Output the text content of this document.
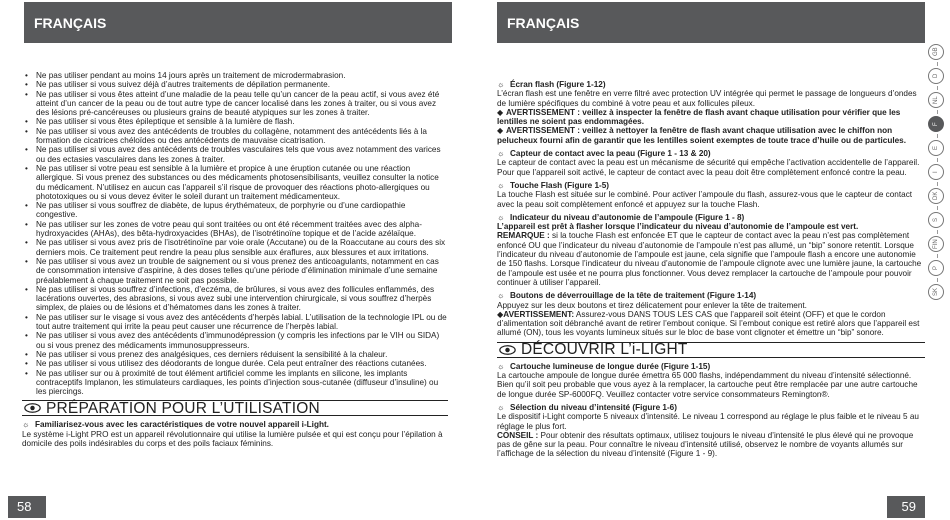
FRANÇAIS
• Ne pas utiliser pendant au moins 14 jours après un traitement de microdermabrasion.
• Ne pas utiliser si vous suivez déjà d’autres traitements de dépilation permanente.
• Ne pas utiliser si vous êtes atteint d’une maladie de la peau telle qu’un cancer de la peau actif, si vous avez été atteint d’un cancer de la peau ou de tout autre type de cancer localisé dans les zones à traiter, ou si vous avez des lésions pré-cancéreuses ou plusieurs grains de beauté atypiques sur les zones à traiter.
• Ne pas utiliser si vous êtes épileptique et sensible à la lumière de flash.
• Ne pas utiliser si vous avez des antécédents de troubles du collagène, notamment des antécédents liés à la formation de cicatrices chéloïdes ou des antécédents de mauvaise cicatrisation.
• Ne pas utiliser si vous avez des antécédents de troubles vasculaires tels que vous avez notamment des varices ou des ectasies vasculaires dans les zones à traiter.
• Ne pas utiliser si votre peau est sensible à la lumière et propice à une éruption cutanée ou une réaction allergique. Si vous prenez des substances ou des médicaments photosensibilisants, veuillez consulter la notice du médicament. N’utilisez en aucun cas l’appareil s’il risque de provoquer des réactions photo-allergiques ou phototoxiques ou si vous devez éviter le soleil durant un traitement médicamenteux.
• Ne pas utiliser si vous souffrez de diabète, de lupus érythémateux, de porphyrie ou d’une cardiopathie congestive.
• Ne pas utiliser sur les zones de votre peau qui sont traitées ou ont été récemment traitées avec des alpha-hydroxyacides (AHAs), des bêta-hydroxyacides (BHAs), de l’isotrétinoïne topique et de l’acide azélaïque.
• Ne pas utiliser si vous avez pris de l’isotrétinoïne par voie orale (Accutane) ou de la Roaccutane au cours des six derniers mois. Ce traitement peut rendre la peau plus sensible aux éraflures, aux blessures et aux irritations.
• Ne pas utiliser si vous avez un trouble de saignement ou si vous prenez des anticoagulants, notamment en cas de consommation intensive d’aspirine, à des doses telles qu’une période d’élimination minimale d’une semaine préalablement à chaque traitement ne soit pas possible.
• Ne pas utiliser si vous souffrez d’infections, d’eczéma, de brûlures, si vous avez des follicules enflammés, des lacérations ouvertes, des abrasions, si vous avez subi une intervention chirurgicale, si vous souffrez d’herpès simplex, de plaies ou de lésions et d’hématomes dans les zones à traiter.
• Ne pas utiliser sur le visage si vous avez des antécédents d’herpès labial. L’utilisation de la technologie IPL ou de tout autre traitement qui irrite la peau peut causer une récurrence de l’herpès labial.
• Ne pas utiliser si vous avez des antécédents d’immunodépression (y compris les infections par le VIH ou SIDA) ou si vous prenez des médicaments immunosuppresseurs.
• Ne pas utiliser si vous prenez des analgésiques, ces derniers réduisent la sensibilité à la chaleur.
• Ne pas utiliser si vous utilisez des déodorants de longue durée. Cela peut entraîner des réactions cutanées.
• Ne pas utiliser sur ou à proximité de tout élément artificiel comme les implants en silicone, les implants contraceptifs Implanon, les stimulateurs cardiaques, les points d’injection sous-cutanée (diffuseur d’insuline) ou les piercings.
PRÉPARATION POUR L’UTILISATION
☼ Familiarisez-vous avec les caractéristiques de votre nouvel appareil i-Light.

Le système i-Light PRO est un appareil révolutionnaire qui utilise la lumière pulsée et qui est conçu pour l’épilation à domicile des poils indésirables du corps et des poils faciaux féminins.

58
FRANÇAIS
☼ Écran flash (Figure 1-12)

L’écran flash est une fenêtre en verre filtré avec protection UV intégrée qui permet le passage de longueurs d’ondes de lumière spécifiques du combiné à votre peau et aux follicules pileux.

◆ AVERTISSEMENT : veillez à inspecter la fenêtre de flash avant chaque utilisation pour vérifier que les lentilles ne soient pas endommagées.

◆ AVERTISSEMENT : veillez à nettoyer la fenêtre de flash avant chaque utilisation avec le chiffon non pelucheux fourni afin de garantir que les lentilles soient exemptes de toute trace d’huile ou de particules.

☼ Capteur de contact avec la peau (Figure 1 - 13 & 20)

Le capteur de contact avec la peau est un mécanisme de sécurité qui empêche l’activation accidentelle de l’appareil. Pour que l’appareil soit activé, le capteur de contact avec la peau doit être complètement enfoncé contre la peau.

☼ Touche Flash (Figure 1-5)

La touche Flash est située sur le combiné. Pour activer l’ampoule du flash, assurez-vous que le capteur de contact avec la peau soit complètement enfoncé et appuyez sur la touche Flash.

☼ Indicateur du niveau d’autonomie de l’ampoule (Figure 1 - 8)

L’appareil est prêt à flasher lorsque l’indicateur du niveau d’autonomie de l’ampoule est vert.

REMARQUE : si la touche Flash est enfoncée ET que le capteur de contact avec la peau n’est pas complètement enfoncé OU que l’indicateur du niveau d’autonomie de l’ampoule n’est pas allumé, un “bip” sonore retentit. Lorsque l’indicateur du niveau d’autonomie de l’ampoule est jaune, cela signifie que l’ampoule flash a encore une autonomie de 150 flashs. Lorsque l’indicateur du niveau d’autonomie de l’ampoule clignote avec une lumière jaune, la cartouche de l’ampoule est usée et ne pourra plus fonctionner. Vous devez remplacer la cartouche de l’ampoule pour pouvoir continuer à utiliser l’appareil.

☼ Boutons de déverrouillage de la tête de traitement (Figure 1-14)

Appuyez sur les deux boutons et tirez délicatement pour enlever la tête de traitement.

◆AVERTISSEMENT: Assurez-vous DANS TOUS LES CAS que l’appareil soit éteint (OFF) et que le cordon d’alimentation soit débranché avant de retirer l’embout conique. Si l’embout conique est retiré alors que l’appareil est allumé (ON), tous les voyants lumineux situés sur le bloc de base vont clignoter et émettre un “bip” sonore.

DÉCOUVRIR L’i-LIGHT
☼ Cartouche lumineuse de longue durée (Figure 1-15)

La cartouche ampoule de longue durée émettra 65 000 flashs, indépendamment du niveau d’intensité sélectionné. Bien qu’il soit peu probable que vous ayez à la remplacer, la cartouche peut être remplacée par une autre cartouche de longue durée SP-6000FQ. Veuillez contacter votre service consommateurs Remington®.

☼ Sélection du niveau d’intensité (Figure 1-6)

Le dispositif i-Light comporte 5 niveaux d’intensité. Le niveau 1 correspond au réglage le plus faible et le niveau 5 au réglage le plus fort.

CONSEIL : Pour obtenir des résultats optimaux, utilisez toujours le niveau d’intensité le plus élevé qui ne provoque pas de gêne sur la peau. Pour connaître le niveau d’intensité utilisé, observez le nombre de voyants allumés sur l’affichage de la sélection du niveau d’intensité (Figure 1 - 9).

59
GB
D
NL
F
E
I
DK
S
FIN
P
SK
